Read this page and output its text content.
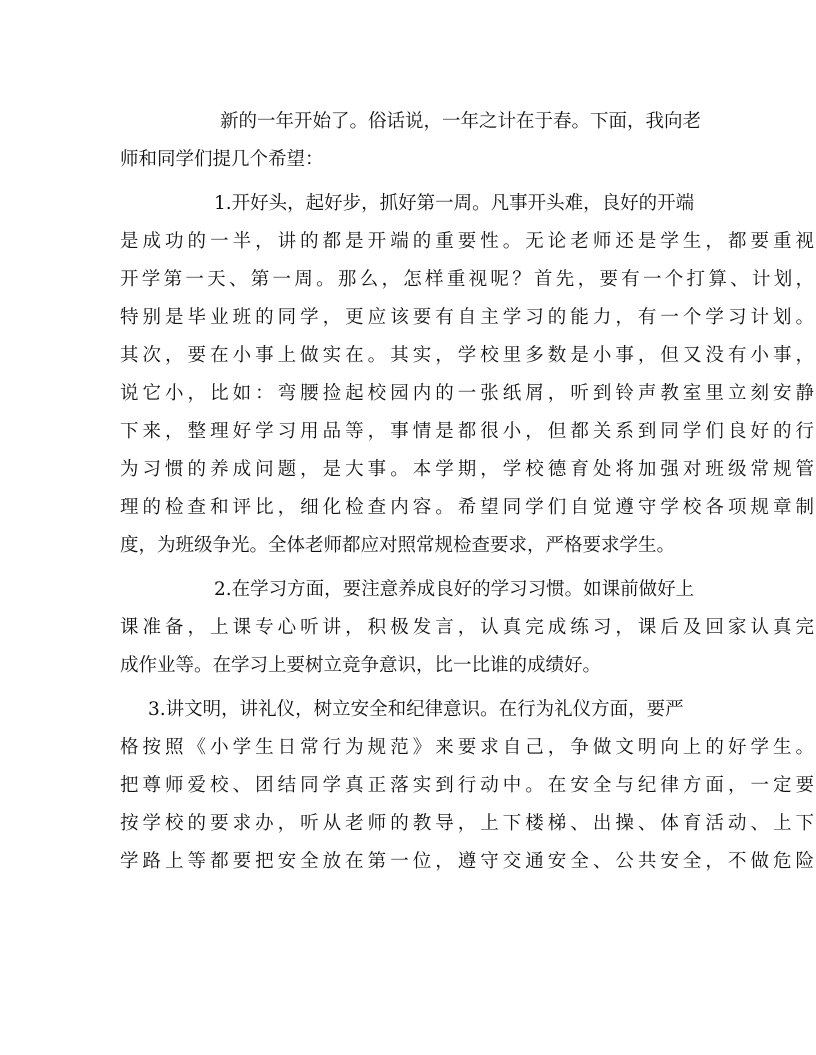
新的一年开始了。俗话说，一年之计在于春。下面，我向老

师和同学们提几个希望：

1.开好头，起好步，抓好第一周。凡事开头难，良好的开端

是成功的一半，讲的都是开端的重要性。无论老师还是学生，都要重视

开学第一天、第一周。那么，怎样重视呢？首先，要有一个打算、计划，

特别是毕业班的同学，更应该要有自主学习的能力，有一个学习计划。

其次，要在小事上做实在。其实，学校里多数是小事，但又没有小事，

说它小，比如：弯腰捡起校园内的一张纸屑，听到铃声教室里立刻安静

下来，整理好学习用品等，事情是都很小，但都关系到同学们良好的行

为习惯的养成问题，是大事。本学期，学校德育处将加强对班级常规管

理的检查和评比，细化检查内容。希望同学们自觉遵守学校各项规章制

度，为班级争光。全体老师都应对照常规检查要求，严格要求学生。

2.在学习方面，要注意养成良好的学习习惯。如课前做好上

课准备，上课专心听讲，积极发言，认真完成练习，课后及回家认真完

成作业等。在学习上要树立竞争意识，比一比谁的成绩好。

3.讲文明，讲礼仪，树立安全和纪律意识。在行为礼仪方面，要严

格按照《小学生日常行为规范》来要求自己，争做文明向上的好学生。

把尊师爱校、团结同学真正落实到行动中。在安全与纪律方面，一定要

按学校的要求办，听从老师的教导，上下楼梯、出操、体育活动、上下

学路上等都要把安全放在第一位，遵守交通安全、公共安全，不做危险
